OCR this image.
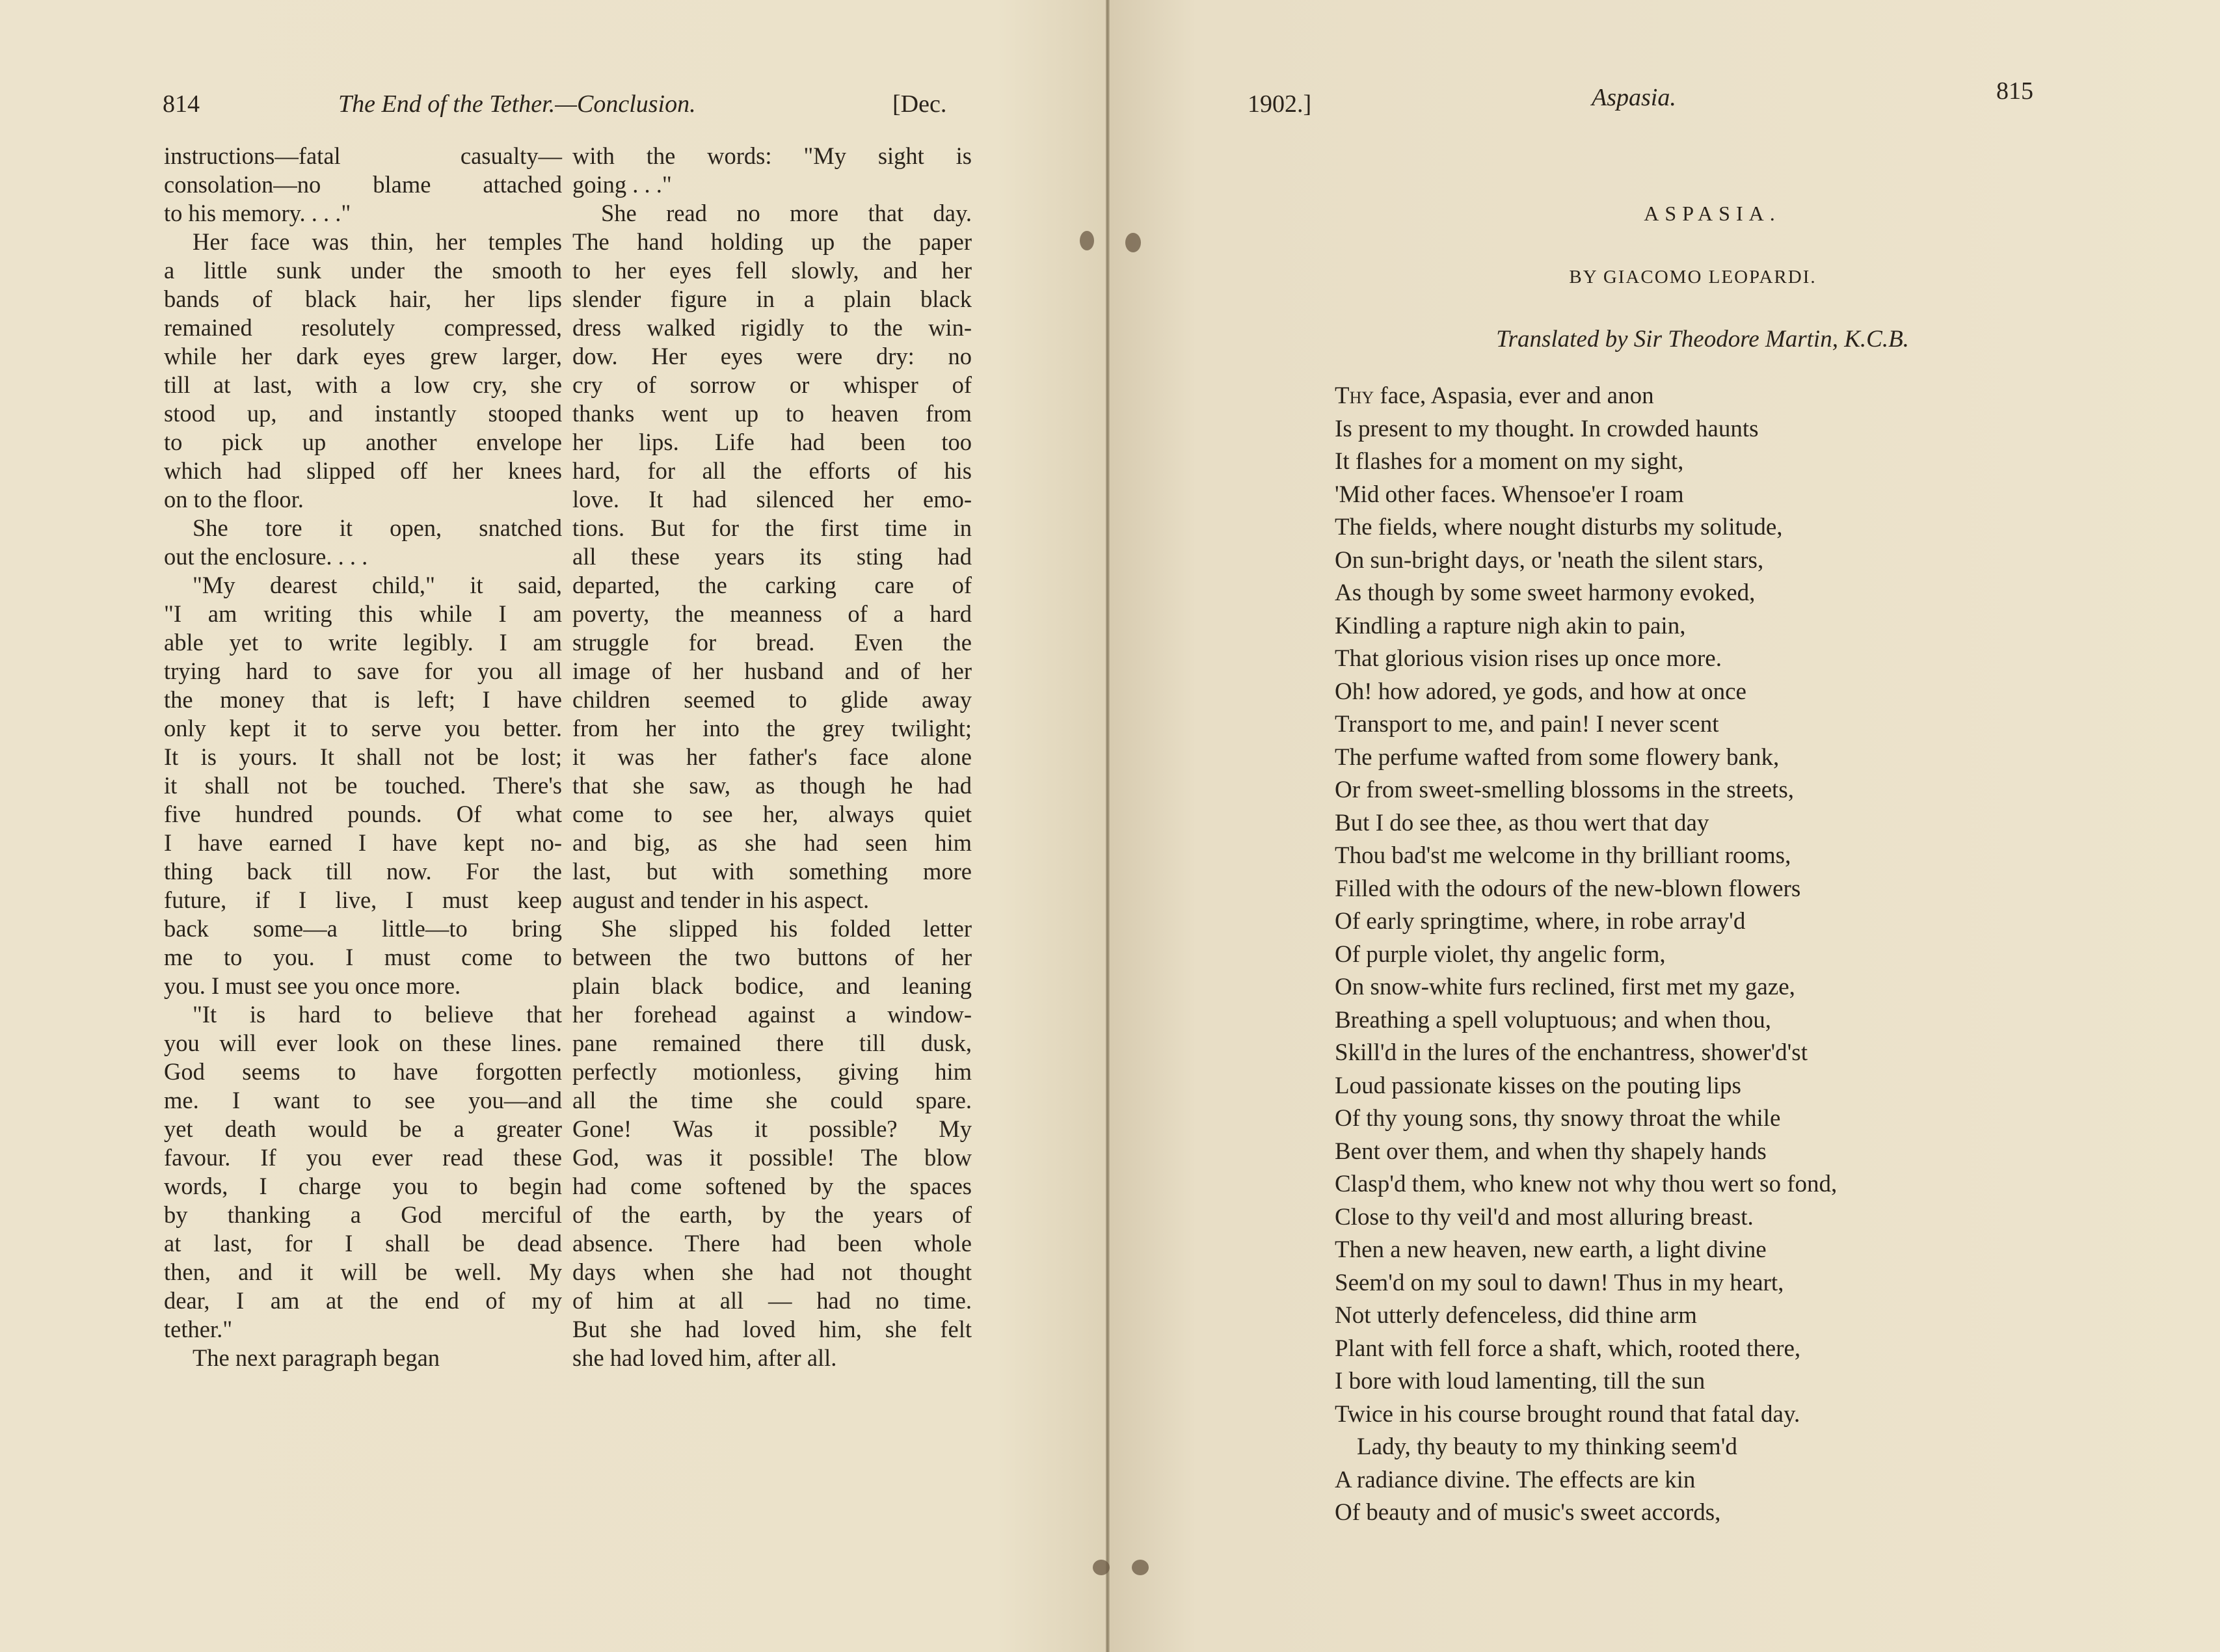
814	The End of the Tether.—Conclusion.	[Dec.
instructions—fatal casualty—
consolation—no blame attached
to his memory. . . ."
Her face was thin, her temples
a little sunk under the smooth
bands of black hair, her lips
remained resolutely compressed,
while her dark eyes grew larger,
till at last, with a low cry, she
stood up, and instantly stooped
to pick up another envelope
which had slipped off her knees
on to the floor.
She tore it open, snatched
out the enclosure. . . .
"My dearest child," it said,
"I am writing this while I am
able yet to write legibly. I am
trying hard to save for you all
the money that is left; I have
only kept it to serve you better.
It is yours. It shall not be lost;
it shall not be touched. There's
five hundred pounds. Of what
I have earned I have kept no-
thing back till now. For the
future, if I live, I must keep
back some—a little—to bring
me to you. I must come to
you. I must see you once more.
"It is hard to believe that
you will ever look on these lines.
God seems to have forgotten
me. I want to see you—and
yet death would be a greater
favour. If you ever read these
words, I charge you to begin
by thanking a God merciful
at last, for I shall be dead
then, and it will be well. My
dear, I am at the end of my
tether."
The next paragraph began
with the words: "My sight is
going . . ."
She read no more that day.
The hand holding up the paper
to her eyes fell slowly, and her
slender figure in a plain black
dress walked rigidly to the win-
dow. Her eyes were dry: no
cry of sorrow or whisper of
thanks went up to heaven from
her lips. Life had been too
hard, for all the efforts of his
love. It had silenced her emo-
tions. But for the first time in
all these years its sting had
departed, the carking care of
poverty, the meanness of a hard
struggle for bread. Even the
image of her husband and of her
children seemed to glide away
from her into the grey twilight;
it was her father's face alone
that she saw, as though he had
come to see her, always quiet
and big, as she had seen him
last, but with something more
august and tender in his aspect.
She slipped his folded letter
between the two buttons of her
plain black bodice, and leaning
her forehead against a window-
pane remained there till dusk,
perfectly motionless, giving him
all the time she could spare.
Gone! Was it possible? My
God, was it possible! The blow
had come softened by the spaces
of the earth, by the years of
absence. There had been whole
days when she had not thought
of him at all — had no time.
But she had loved him, she felt
she had loved him, after all.
1902.]	Aspasia.	815
ASPASIA.
BY GIACOMO LEOPARDI.
Translated by Sir Theodore Martin, K.C.B.
Thy face, Aspasia, ever and anon
Is present to my thought. In crowded haunts
It flashes for a moment on my sight,
'Mid other faces. Whensoe'er I roam
The fields, where nought disturbs my solitude,
On sun-bright days, or 'neath the silent stars,
As though by some sweet harmony evoked,
Kindling a rapture nigh akin to pain,
That glorious vision rises up once more.
Oh! how adored, ye gods, and how at once
Transport to me, and pain! I never scent
The perfume wafted from some flowery bank,
Or from sweet-smelling blossoms in the streets,
But I do see thee, as thou wert that day
Thou bad'st me welcome in thy brilliant rooms,
Filled with the odours of the new-blown flowers
Of early springtime, where, in robe array'd
Of purple violet, thy angelic form,
On snow-white furs reclined, first met my gaze,
Breathing a spell voluptuous; and when thou,
Skill'd in the lures of the enchantress, shower'd'st
Loud passionate kisses on the pouting lips
Of thy young sons, thy snowy throat the while
Bent over them, and when thy shapely hands
Clasp'd them, who knew not why thou wert so fond,
Close to thy veil'd and most alluring breast.
Then a new heaven, new earth, a light divine
Seem'd on my soul to dawn! Thus in my heart,
Not utterly defenceless, did thine arm
Plant with fell force a shaft, which, rooted there,
I bore with loud lamenting, till the sun
Twice in his course brought round that fatal day.
Lady, thy beauty to my thinking seem'd
A radiance divine. The effects are kin
Of beauty and of music's sweet accords,
